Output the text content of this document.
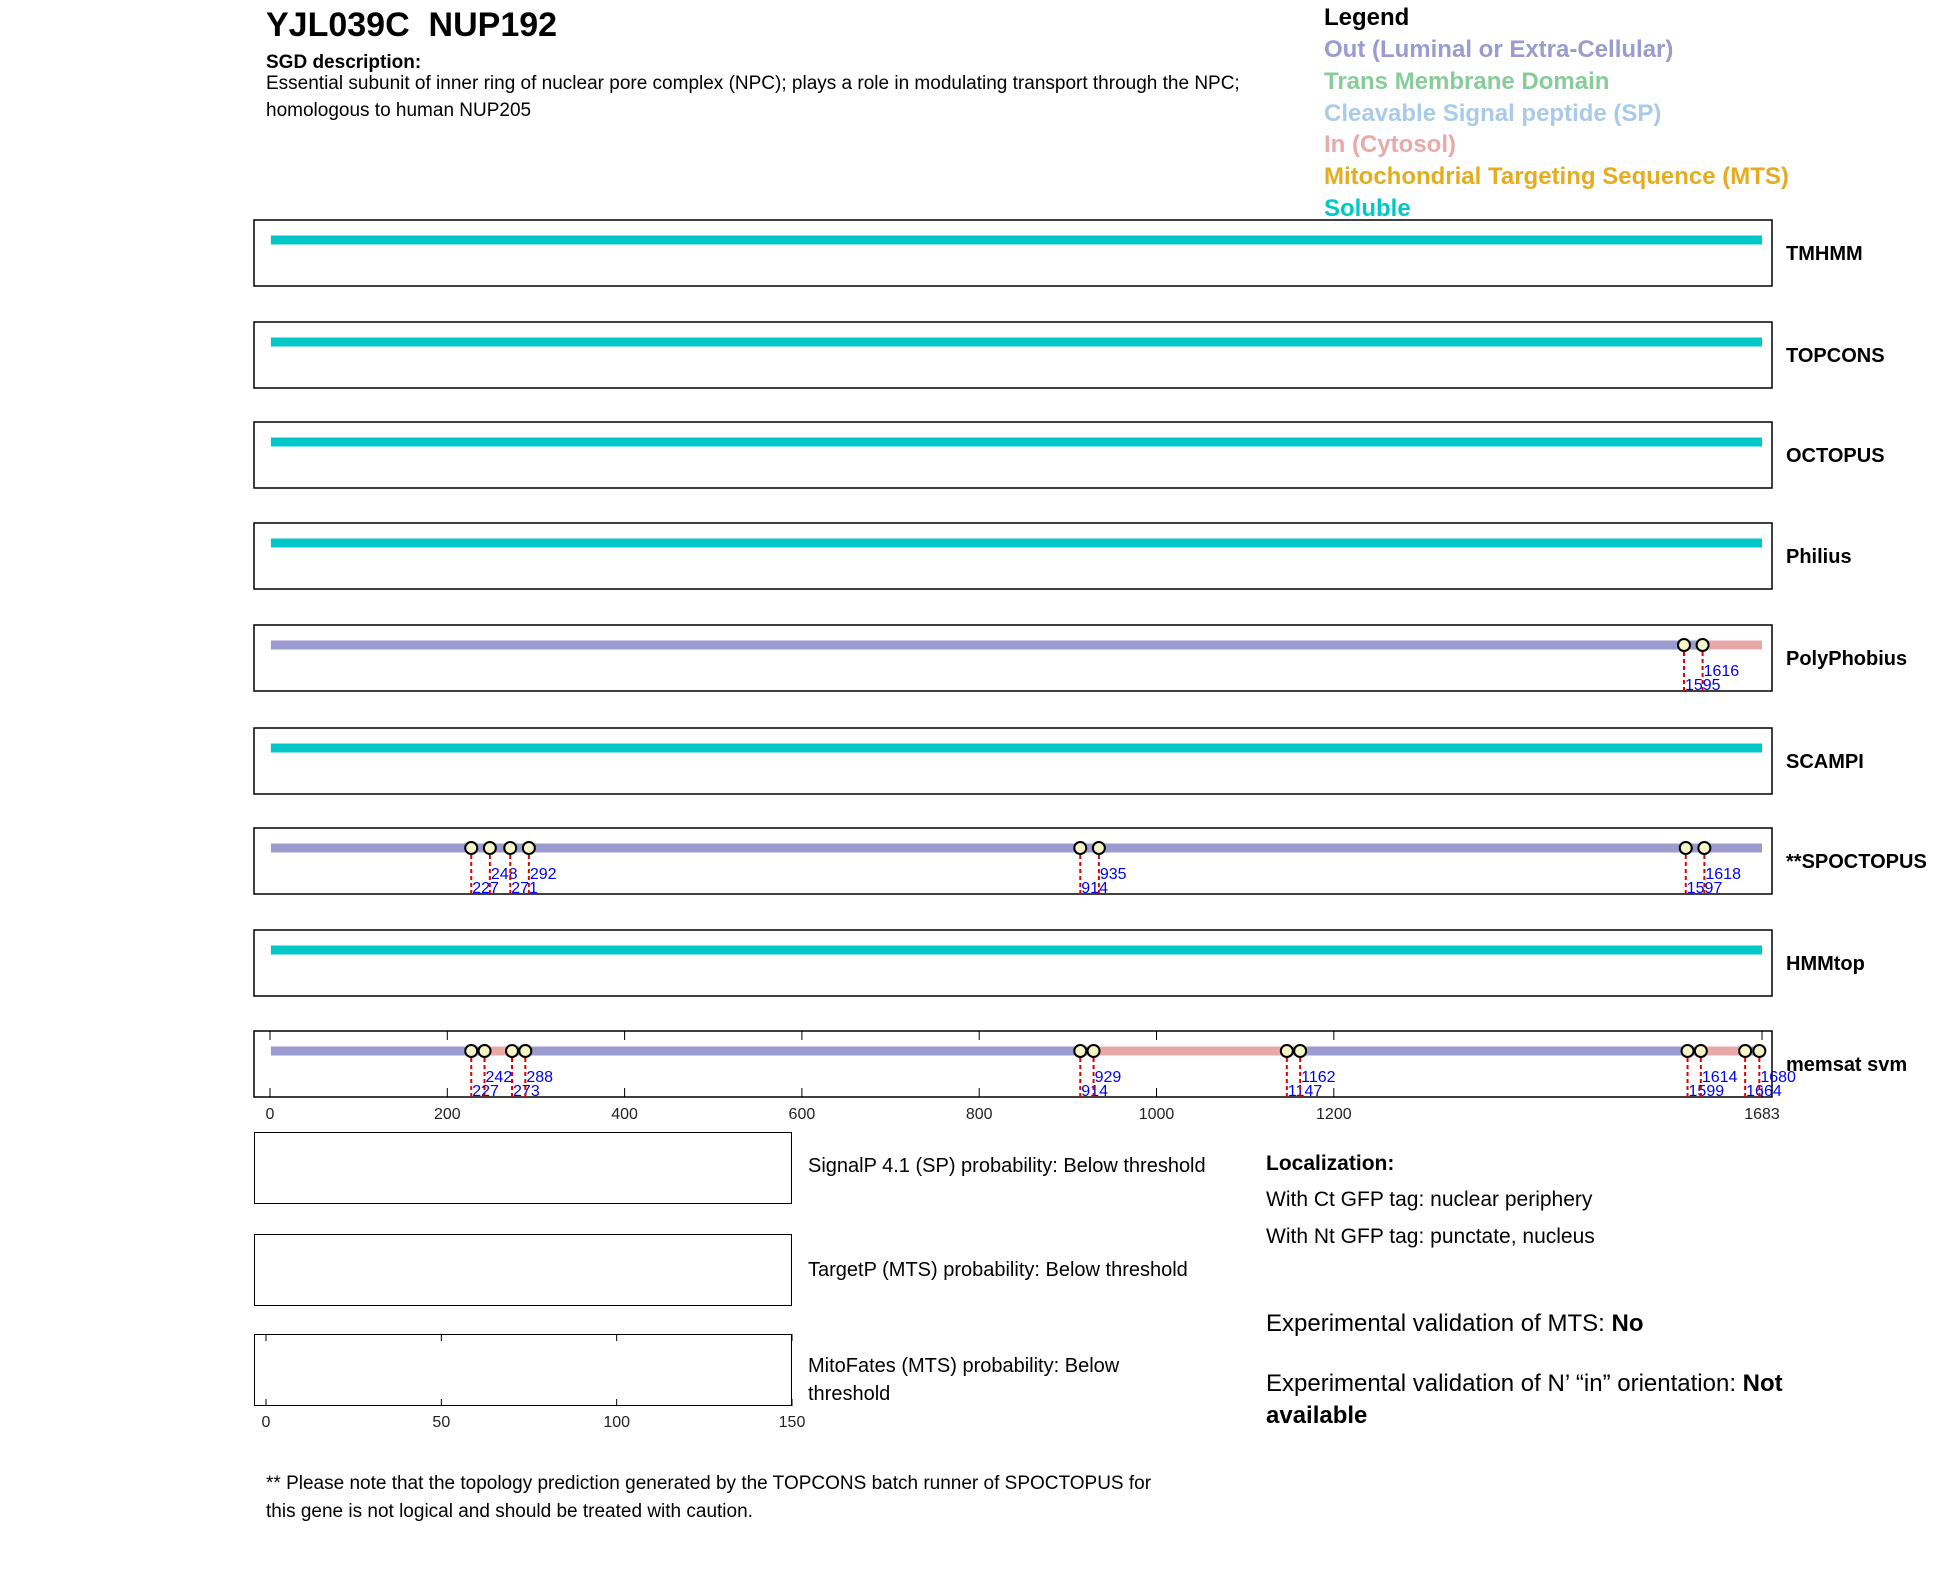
YJL039C  NUP192
SGD description:
Essential subunit of inner ring of nuclear pore complex (NPC); plays a role in modulating transport through the NPC; homologous to human NUP205
Legend
Out (Luminal or Extra-Cellular)
Trans Membrane Domain
Cleavable Signal peptide (SP)
In (Cytosol)
Mitochondrial Targeting Sequence (MTS)
Soluble
TMHMM
TOPCONS
OCTOPUS
Philius
1595
1616
PolyPhobius
SCAMPI
227
248
271
292
914
935
1597
1618
**SPOCTOPUS
HMMtop
0	200	400	600	800	1000	1200	1683
227
242
273
288
914
929
1147
1162
1599
1614
1664
1680
memsat svm
SignalP 4.1 (SP) probability: Below threshold
TargetP (MTS) probability: Below threshold
0	50	100	150
MitoFates (MTS) probability: Below
threshold
Localization:
With Ct GFP tag: nuclear periphery
With Nt GFP tag: punctate, nucleus
Experimental validation of MTS: No
Experimental validation of N’ “in” orientation: Not available
** Please note that the topology prediction generated by the TOPCONS batch runner of SPOCTOPUS for this gene is not logical and should be treated with caution.
